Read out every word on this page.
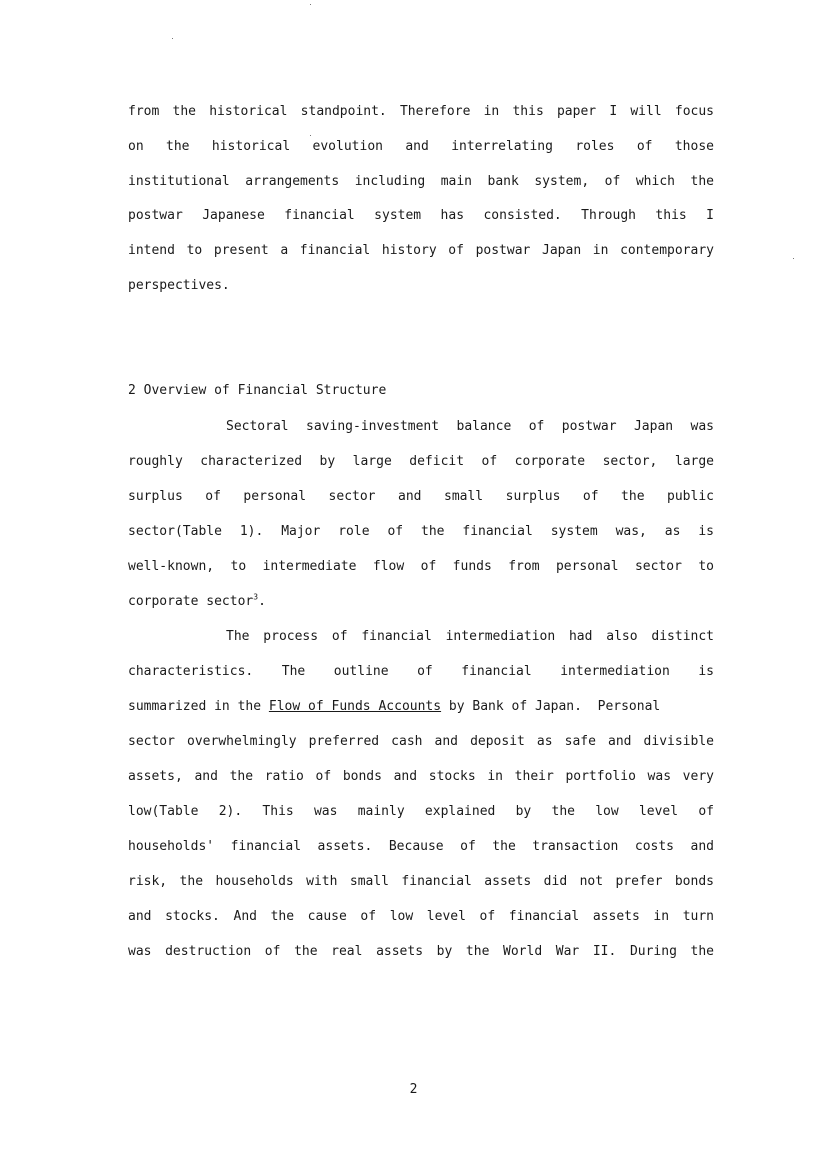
from the historical standpoint. Therefore in this paper I will focus
on the historical evolution and interrelating roles of those
institutional arrangements including main bank system, of which the
postwar Japanese financial system has consisted. Through this I
intend to present a financial history of postwar Japan in contemporary
perspectives.
2 Overview of Financial Structure
Sectoral saving-investment balance of postwar Japan was
roughly characterized by large deficit of corporate sector, large
surplus of personal sector and small surplus of the public
sector(Table 1). Major role of the financial system was, as is
well-known, to intermediate flow of funds from personal sector to
corporate sector$^3$.
The process of financial intermediation had also distinct
characteristics. The outline of financial intermediation is
summarized in the Flow of Funds Accounts by Bank of Japan.  Personal
sector overwhelmingly preferred cash and deposit as safe and divisible
assets, and the ratio of bonds and stocks in their portfolio was very
low(Table 2). This was mainly explained by the low level of
households' financial assets. Because of the transaction costs and
risk, the households with small financial assets did not prefer bonds
and stocks. And the cause of low level of financial assets in turn
was destruction of the real assets by the World War II. During the
2
